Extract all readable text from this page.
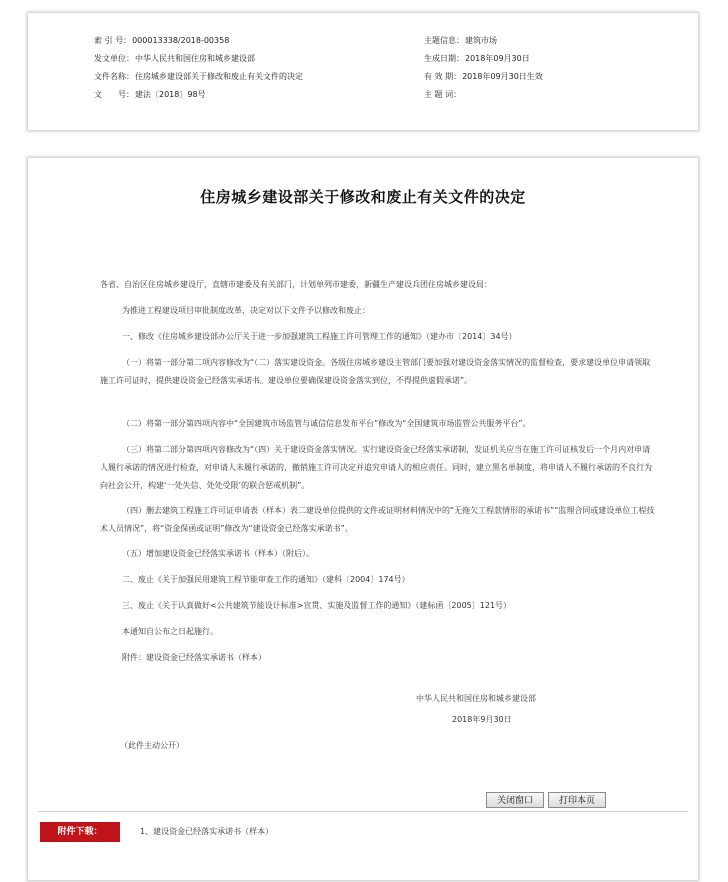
索 引 号：000013338/2018-00358
发文单位：中华人民共和国住房和城乡建设部
文件名称：住房城乡建设部关于修改和废止有关文件的决定
文　　号：建法〔2018〕98号
主题信息：建筑市场
生成日期：2018年09月30日
有 效 期：2018年09月30日生效
主 题 词：
住房城乡建设部关于修改和废止有关文件的决定

各省、自治区住房城乡建设厅，直辖市建委及有关部门，计划单列市建委，新疆生产建设兵团住房城乡建设局：

为推进工程建设项目审批制度改革，决定对以下文件予以修改和废止：

一、修改《住房城乡建设部办公厅关于进一步加强建筑工程施工许可管理工作的通知》（建办市〔2014〕34号）

（一）将第一部分第二项内容修改为“（二）落实建设资金。各级住房城乡建设主管部门要加强对建设资金落实情况的监督检查，要求建设单位申请领取施工许可证时，提供建设资金已经落实承诺书。建设单位要确保建设资金落实到位，不得提供虚假承诺”。

（二）将第一部分第四项内容中“全国建筑市场监管与诚信信息发布平台”修改为“全国建筑市场监管公共服务平台”。

（三）将第二部分第四项内容修改为“（四）关于建设资金落实情况。实行建设资金已经落实承诺制，发证机关应当在施工许可证核发后一个月内对申请人履行承诺的情况进行检查，对申请人未履行承诺的，撤销施工许可决定并追究申请人的相应责任。同时，建立黑名单制度，将申请人不履行承诺的不良行为向社会公开，构建‘一处失信、处处受限’的联合惩戒机制”。

（四）删去建筑工程施工许可证申请表（样本）表二建设单位提供的文件或证明材料情况中的“无拖欠工程款情形的承诺书”“监理合同或建设单位工程技术人员情况”，将“资金保函或证明”修改为“建设资金已经落实承诺书”。

（五）增加建设资金已经落实承诺书（样本）（附后）。

二、废止《关于加强民用建筑工程节能审查工作的通知》（建科〔2004〕174号）

三、废止《关于认真做好<公共建筑节能设计标准>宣贯、实施及监督工作的通知》（建标函〔2005〕121号）

本通知自公布之日起施行。

附件：建设资金已经落实承诺书（样本）

中华人民共和国住房和城乡建设部
2018年9月30日
（此件主动公开）
关闭窗口	打印本页
附件下载：	1、建设资金已经落实承诺书（样本）
